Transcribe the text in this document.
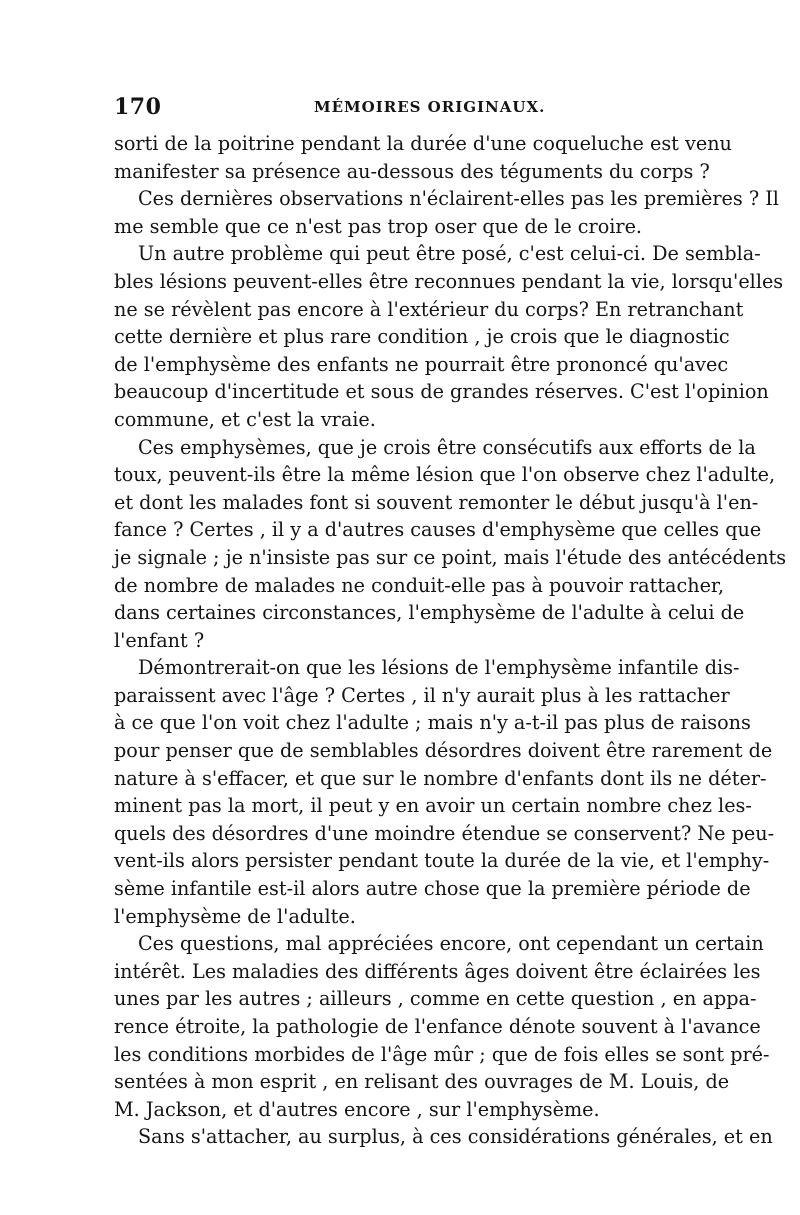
170	MÉMOIRES ORIGINAUX.
sorti de la poitrine pendant la durée d'une coqueluche est venu
manifester sa présence au-dessous des téguments du corps ?
Ces dernières observations n'éclairent-elles pas les premières ? Il
me semble que ce n'est pas trop oser que de le croire.
Un autre problème qui peut être posé, c'est celui-ci. De sembla-
bles lésions peuvent-elles être reconnues pendant la vie, lorsqu'elles
ne se révèlent pas encore à l'extérieur du corps? En retranchant
cette dernière et plus rare condition , je crois que le diagnostic
de l'emphysème des enfants ne pourrait être prononcé qu'avec
beaucoup d'incertitude et sous de grandes réserves. C'est l'opinion
commune, et c'est la vraie.
Ces emphysèmes, que je crois être consécutifs aux efforts de la
toux, peuvent-ils être la même lésion que l'on observe chez l'adulte,
et dont les malades font si souvent remonter le début jusqu'à l'en-
fance ? Certes , il y a d'autres causes d'emphysème que celles que
je signale ; je n'insiste pas sur ce point, mais l'étude des antécédents
de nombre de malades ne conduit-elle pas à pouvoir rattacher,
dans certaines circonstances, l'emphysème de l'adulte à celui de
l'enfant ?
Démontrerait-on que les lésions de l'emphysème infantile dis-
paraissent avec l'âge ? Certes , il n'y aurait plus à les rattacher
à ce que l'on voit chez l'adulte ; mais n'y a-t-il pas plus de raisons
pour penser que de semblables désordres doivent être rarement de
nature à s'effacer, et que sur le nombre d'enfants dont ils ne déter-
minent pas la mort, il peut y en avoir un certain nombre chez les-
quels des désordres d'une moindre étendue se conservent? Ne peu-
vent-ils alors persister pendant toute la durée de la vie, et l'emphy-
sème infantile est-il alors autre chose que la première période de
l'emphysème de l'adulte.
Ces questions, mal appréciées encore, ont cependant un certain
intérêt. Les maladies des différents âges doivent être éclairées les
unes par les autres ; ailleurs , comme en cette question , en appa-
rence étroite, la pathologie de l'enfance dénote souvent à l'avance
les conditions morbides de l'âge mûr ; que de fois elles se sont pré-
sentées à mon esprit , en relisant des ouvrages de M. Louis, de
M. Jackson, et d'autres encore , sur l'emphysème.
Sans s'attacher, au surplus, à ces considérations générales, et en
